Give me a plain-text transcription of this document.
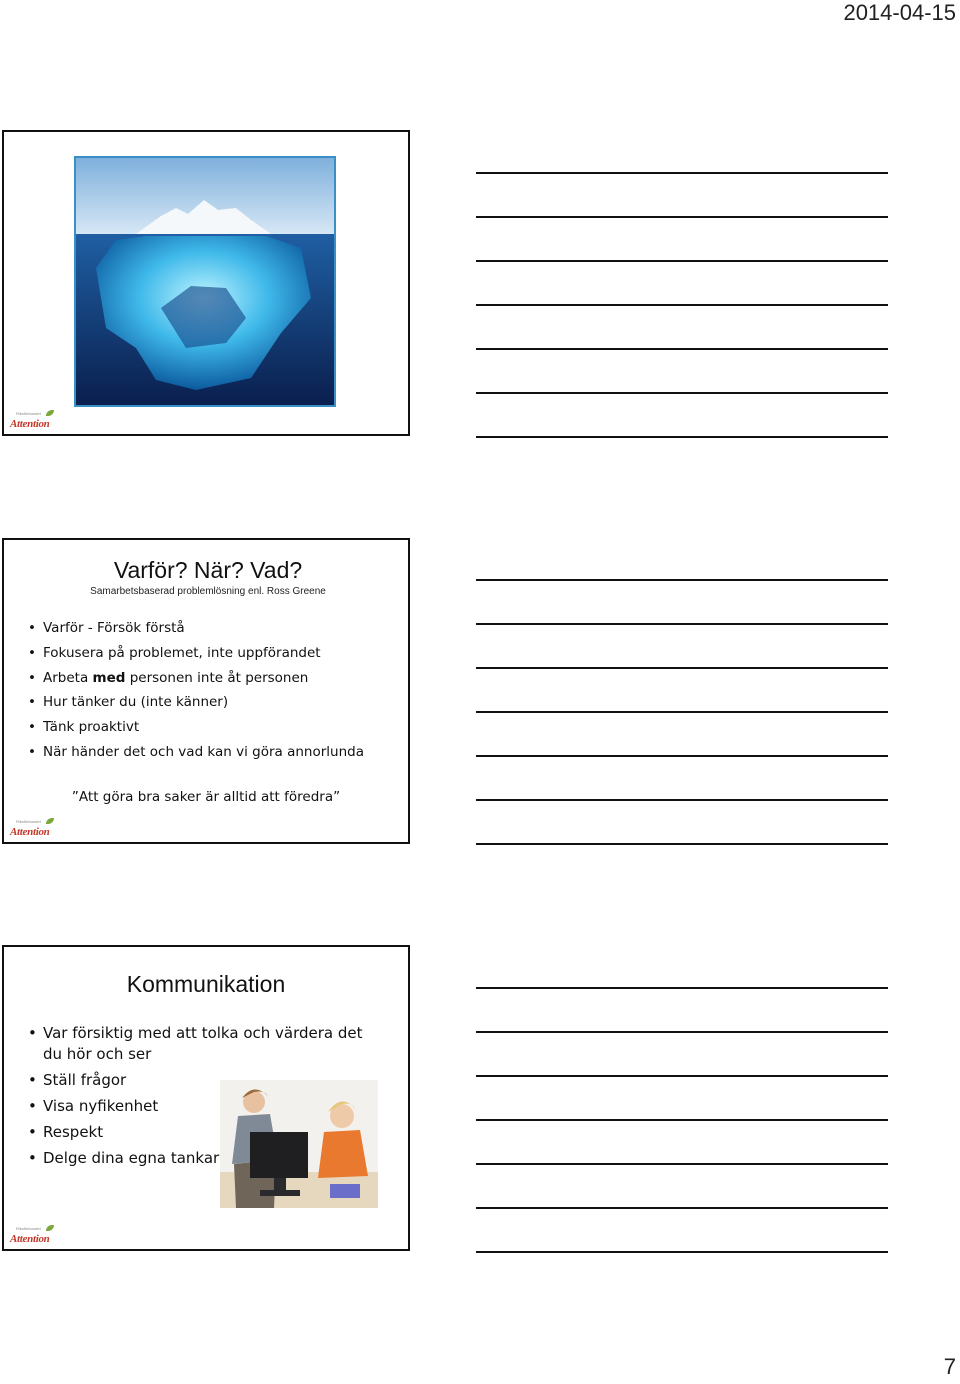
2014-04-15
Riksförbundet
Attention
Varför? När? Vad?
Samarbetsbaserad problemlösning enl. Ross Greene
• Varför - Försök förstå
• Fokusera på problemet, inte uppförandet
• Arbeta med personen inte åt personen
• Hur tänker du (inte känner)
• Tänk proaktivt
• När händer det och vad kan vi göra annorlunda
”Att göra bra saker är alltid att föredra”
Riksförbundet
Attention
Kommunikation
• Var försiktig med att tolka och värdera det du hör och ser
• Ställ frågor
• Visa nyfikenhet
• Respekt
• Delge dina egna tankar
Riksförbundet
Attention
7
